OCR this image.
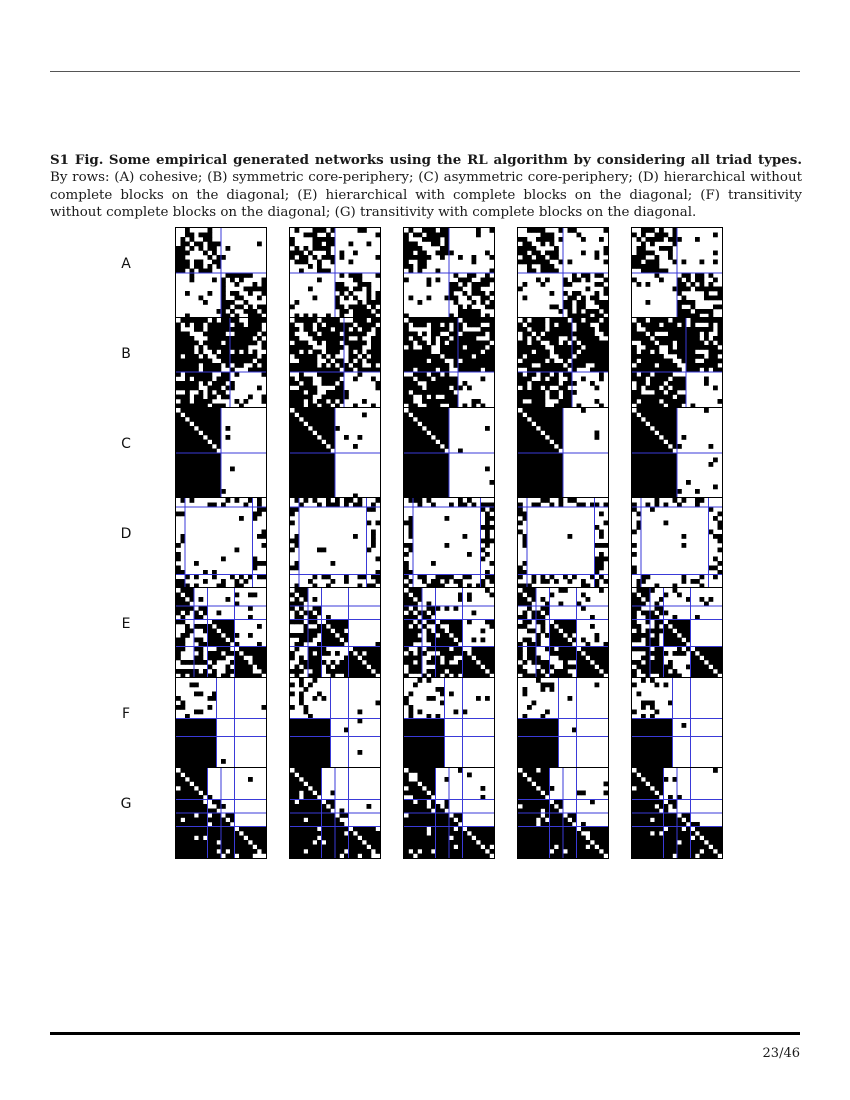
S1 Fig. Some empirical generated networks using the RL algorithm by considering all triad types. By rows: (A) cohesive; (B) symmetric core-periphery; (C) asymmetric core-periphery; (D) hierarchical without complete blocks on the diagonal; (E) hierarchical with complete blocks on the diagonal; (F) transitivity without complete blocks on the diagonal; (G) transitivity with complete blocks on the diagonal.
A
B
C
D
E
F
G
23/46
